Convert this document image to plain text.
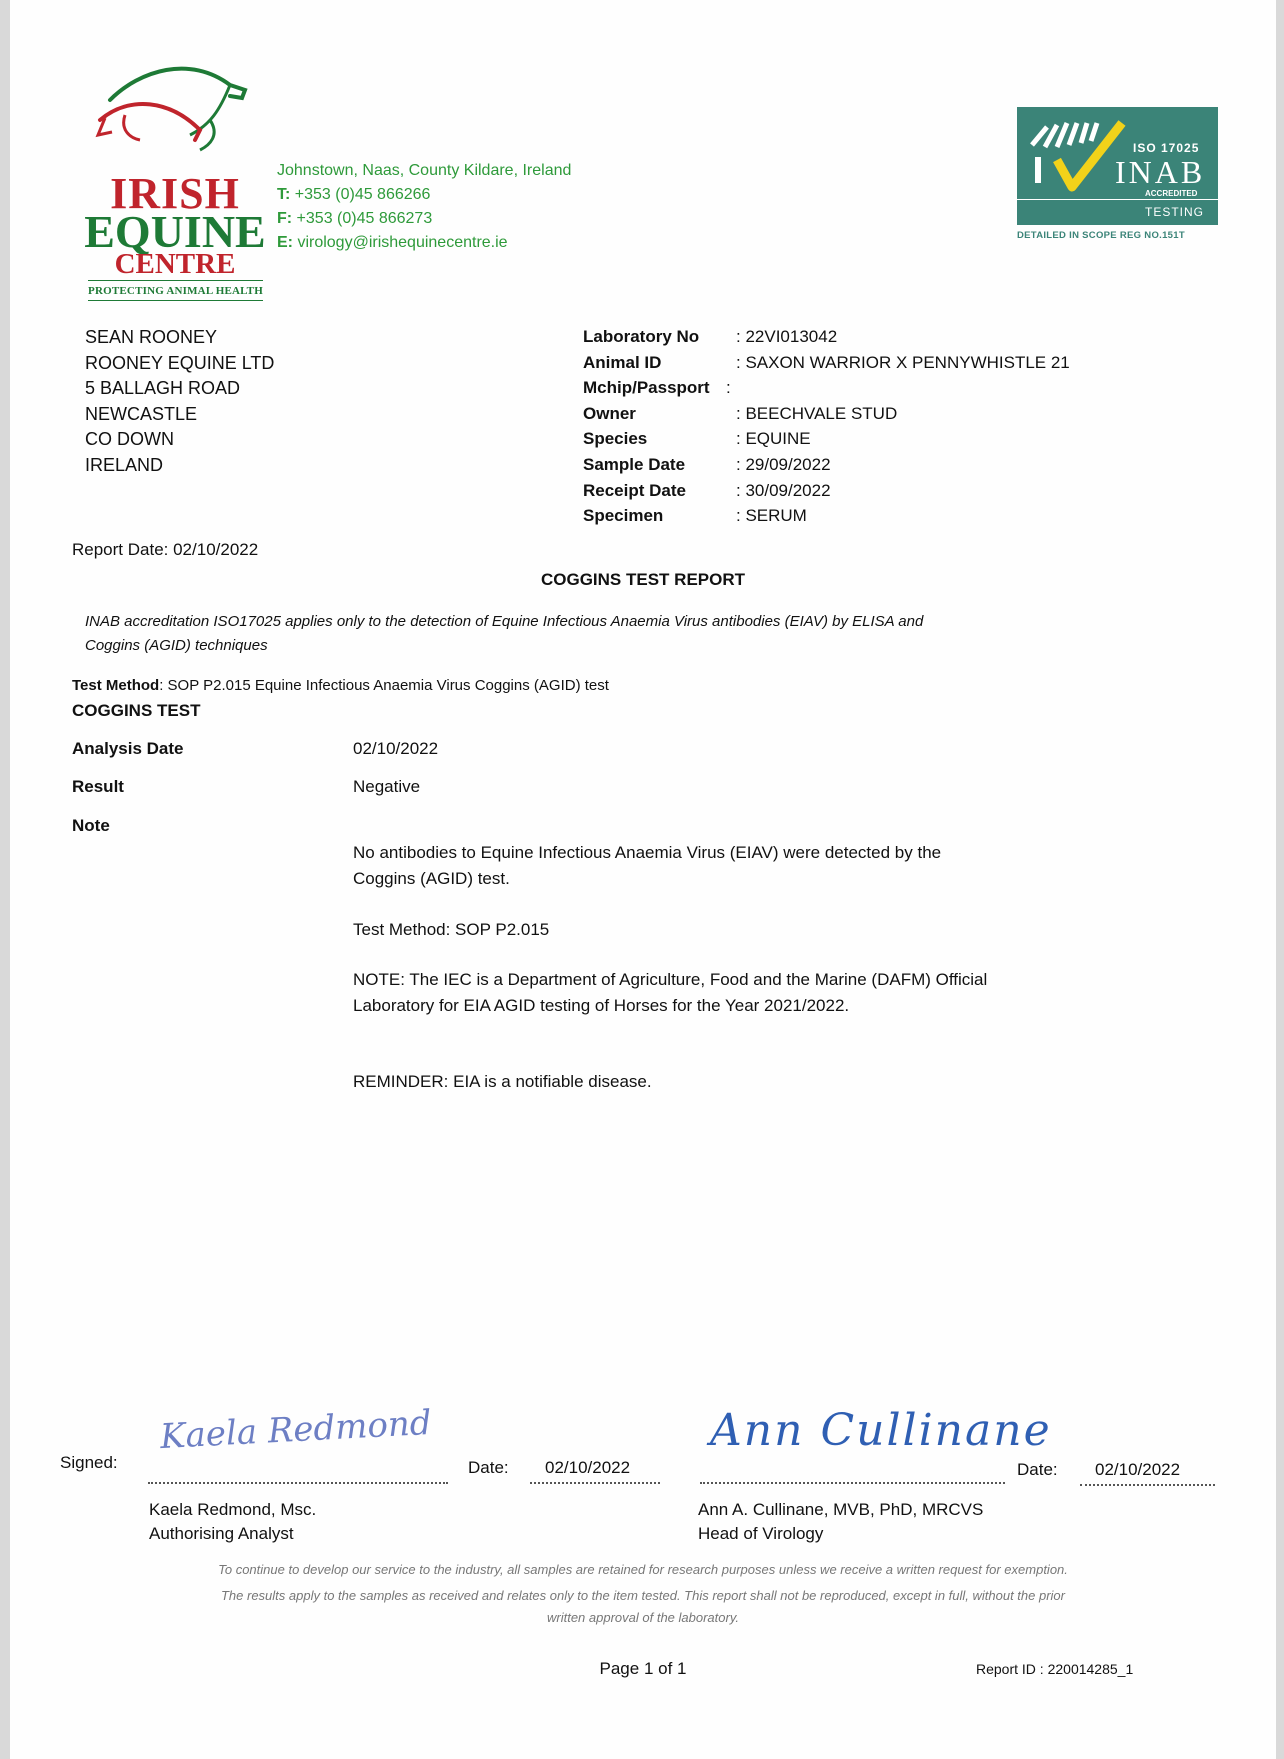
IRISH
EQUINE
CENTRE
PROTECTING ANIMAL HEALTH
Johnstown, Naas, County Kildare, Ireland
T: +353 (0)45 866266
F: +353 (0)45 866273
E: virology@irishequinecentre.ie
ISO 17025
INAB
ACCREDITED
TESTING
DETAILED IN SCOPE REG NO.151T
SEAN ROONEY
ROONEY EQUINE LTD
5 BALLAGH ROAD
NEWCASTLE
CO DOWN
IRELAND
Laboratory No : 22VI013042
Animal ID	: SAXON WARRIOR X PENNYWHISTLE 21
Mchip/Passport :
Owner	: BEECHVALE STUD
Species	: EQUINE
Sample Date	: 29/09/2022
Receipt Date	: 30/09/2022
Specimen	: SERUM
Report Date: 02/10/2022
COGGINS TEST REPORT
INAB accreditation ISO17025 applies only to the detection of Equine Infectious Anaemia Virus antibodies (EIAV) by ELISA and
Coggins (AGID) techniques
Test Method: SOP P2.015 Equine Infectious Anaemia Virus Coggins (AGID) test
COGGINS TEST
Analysis Date	02/10/2022
Result	Negative
Note
No antibodies to Equine Infectious Anaemia Virus (EIAV) were detected by the Coggins (AGID) test.
Test Method: SOP P2.015
NOTE: The IEC is a Department of Agriculture, Food and the Marine (DAFM) Official Laboratory for EIA AGID testing of Horses for the Year 2021/2022.
REMINDER: EIA is a notifiable disease.
Signed:
Kaela Redmond
Date: 02/10/2022
Ann Cullinane
Date: 02/10/2022
Kaela Redmond, Msc.
Authorising Analyst
Ann A. Cullinane, MVB, PhD, MRCVS
Head of Virology
To continue to develop our service to the industry, all samples are retained for research purposes unless we receive a written request for exemption.
The results apply to the samples as received and relates only to the item tested. This report shall not be reproduced, except in full, without the prior
written approval of the laboratory.
Page 1 of 1	Report ID : 220014285_1
